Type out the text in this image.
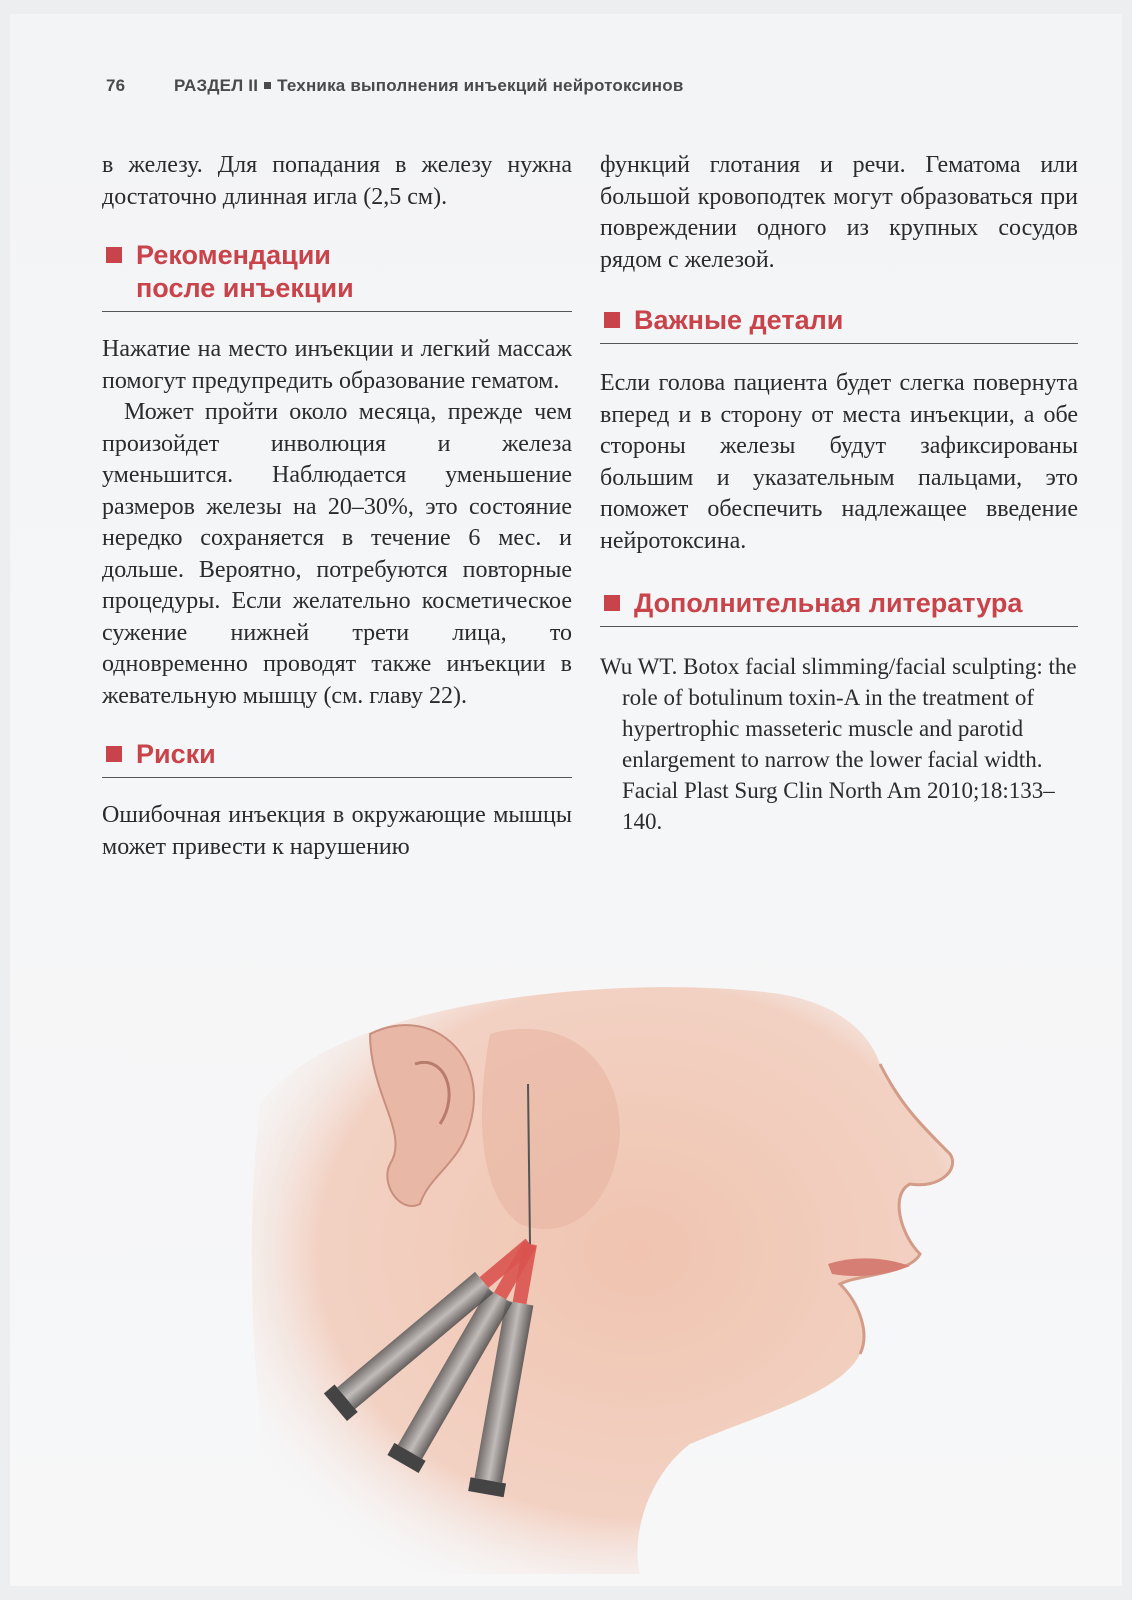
76	РАЗДЕЛ II Техника выполнения инъекций нейротоксинов

в железу. Для попадания в железу нужна достаточно длинная игла (2,5 см).

Рекомендации
после инъекции

Нажатие на место инъекции и легкий массаж помогут предупредить образование гематом.

Может пройти около месяца, прежде чем произойдет инволюция и железа уменьшится. Наблюдается уменьшение размеров железы на 20–30%, это состояние нередко сохраняется в течение 6 мес. и дольше. Вероятно, потребуются повторные процедуры. Если желательно косметическое сужение нижней трети лица, то одновременно проводят также инъекции в жевательную мышцу (см. главу 22).

Риски

Ошибочная инъекция в окружающие мышцы может привести к нарушению

функций глотания и речи. Гематома или большой кровоподтек могут образоваться при повреждении одного из крупных сосудов рядом с железой.

Важные детали

Если голова пациента будет слегка повернута вперед и в сторону от места инъекции, а обе стороны железы будут зафиксированы большим и указательным пальцами, это поможет обеспечить надлежащее введение нейротоксина.

Дополнительная литература

Wu WT. Botox facial slimming/facial sculpting: the role of botulinum toxin-A in the treatment of hypertrophic masseteric muscle and parotid enlargement to narrow the lower facial width. Facial Plast Surg Clin North Am 2010;18:133–140.
